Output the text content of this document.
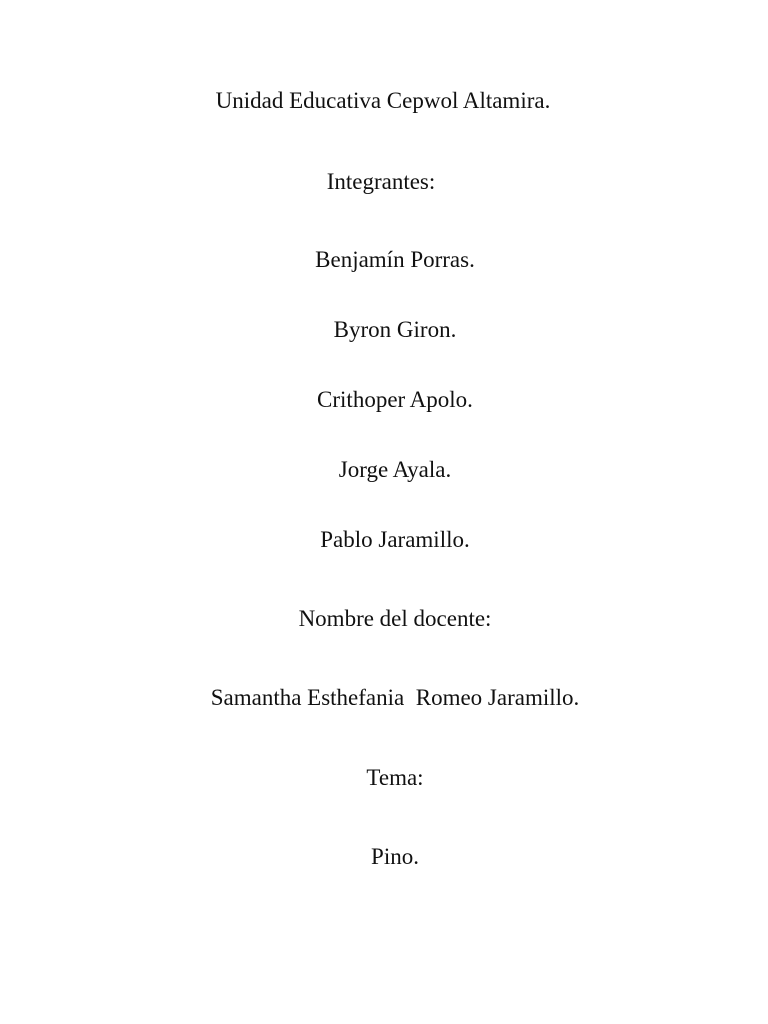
Unidad Educativa Cepwol Altamira.
Integrantes:
Benjamín Porras.
Byron Giron.
Crithoper Apolo.
Jorge Ayala.
Pablo Jaramillo.
Nombre del docente:
Samantha Esthefania  Romeo Jaramillo.
Tema:
Pino.
